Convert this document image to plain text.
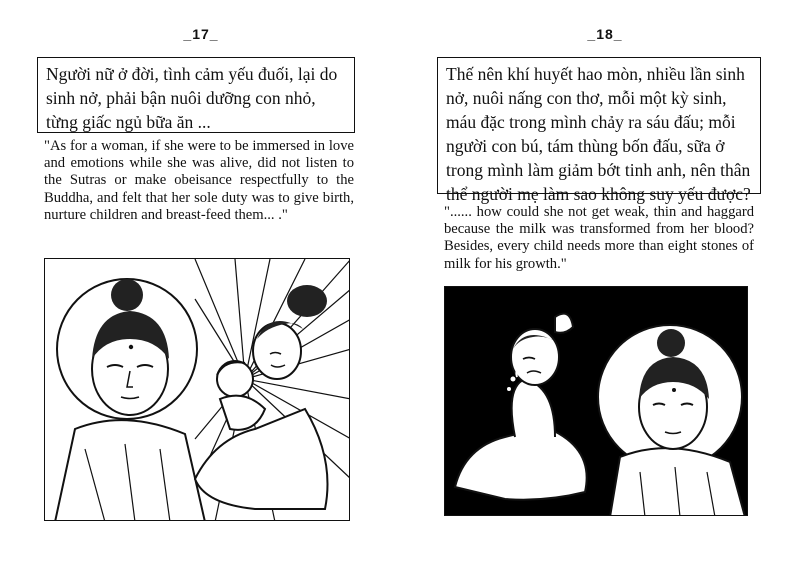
_17_
Người nữ ở đời, tình cảm yếu đuối, lại do sinh nở, phải bận nuôi dưỡng con nhỏ, từng giấc ngủ bữa ăn ...
"As for a woman, if she were to be immersed in love and emotions while she was alive, did not listen to the Sutras or make obeisance respectfully to the Buddha, and felt that her sole duty was to give birth, nurture children and breast-feed them... ."
_18_
Thế nên khí huyết hao mòn, nhiều lần sinh nở, nuôi nấng con thơ, mỗi một kỳ sinh, máu đặc trong mình chảy ra sáu đấu; mỗi người con bú, tám thùng bốn đấu, sữa ở trong mình làm giảm bớt tinh anh, nên thân thể người mẹ làm sao không suy yếu được?
"...... how could she not get weak, thin and haggard because the milk was transformed from her blood? Besides, every child needs more than eight stones of milk for his growth."
